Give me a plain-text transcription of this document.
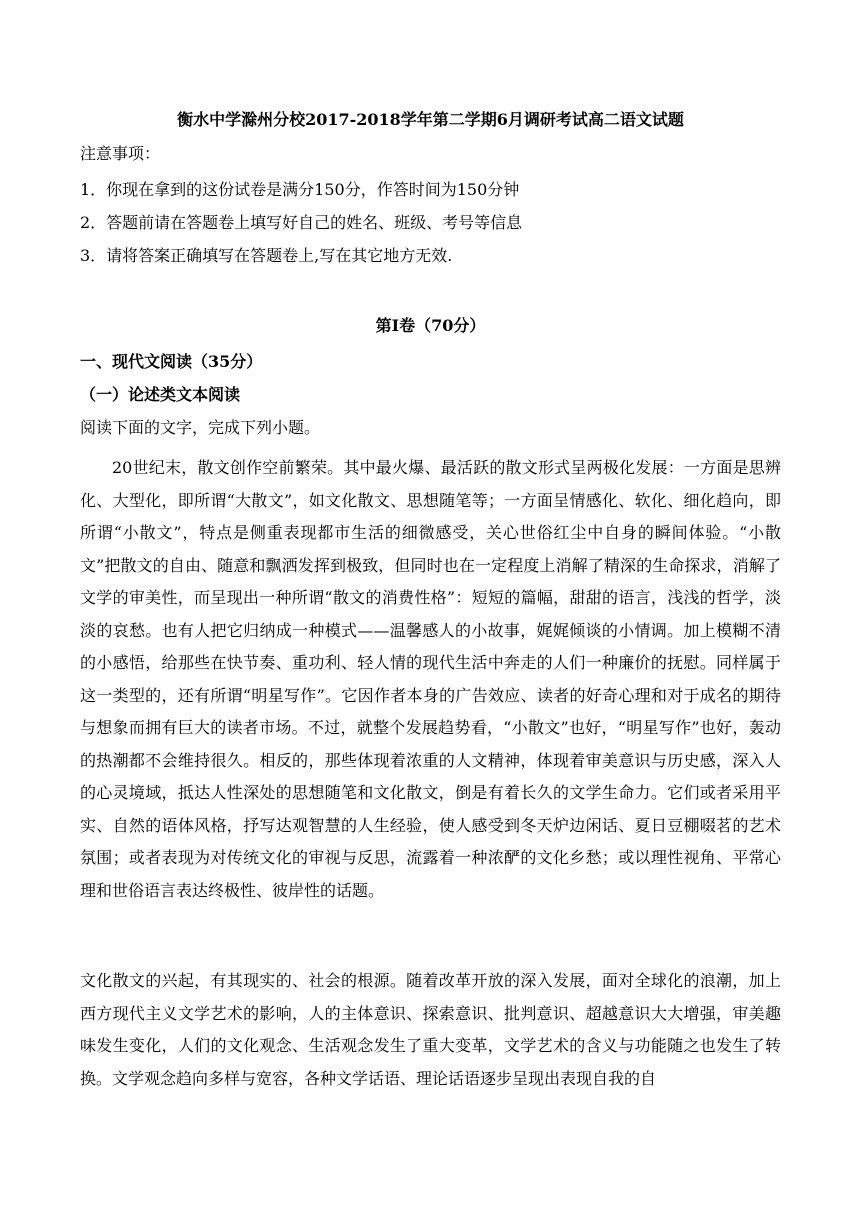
衡水中学滁州分校2017-2018学年第二学期6月调研考试高二语文试题
注意事项：
1．你现在拿到的这份试卷是满分150分，作答时间为150分钟
2．答题前请在答题卷上填写好自己的姓名、班级、考号等信息
3．请将答案正确填写在答题卷上,写在其它地方无效.
第Ⅰ卷（70分）
一、现代文阅读（35分）
（一）论述类文本阅读
阅读下面的文字，完成下列小题。

20世纪末，散文创作空前繁荣。其中最火爆、最活跃的散文形式呈两极化发展：一方面是思辨化、大型化，即所谓“大散文”，如文化散文、思想随笔等；一方面呈情感化、软化、细化趋向，即所谓“小散文”，特点是侧重表现都市生活的细微感受，关心世俗红尘中自身的瞬间体验。“小散文”把散文的自由、随意和飘洒发挥到极致，但同时也在一定程度上消解了精深的生命探求，消解了文学的审美性，而呈现出一种所谓“散文的消费性格”：短短的篇幅，甜甜的语言，浅浅的哲学，淡淡的哀愁。也有人把它归纳成一种模式——温馨感人的小故事，娓娓倾谈的小情调。加上模糊不清的小感悟，给那些在快节奏、重功利、轻人情的现代生活中奔走的人们一种廉价的抚慰。同样属于这一类型的，还有所谓“明星写作”。它因作者本身的广告效应、读者的好奇心理和对于成名的期待与想象而拥有巨大的读者市场。不过，就整个发展趋势看，“小散文”也好，“明星写作”也好，轰动的热潮都不会维持很久。相反的，那些体现着浓重的人文精神，体现着审美意识与历史感，深入人的心灵境域，抵达人性深处的思想随笔和文化散文，倒是有着长久的文学生命力。它们或者采用平实、自然的语体风格，抒写达观智慧的人生经验，使人感受到冬天炉边闲话、夏日豆棚啜茗的艺术氛围；或者表现为对传统文化的审视与反思，流露着一种浓酽的文化乡愁；或以理性视角、平常心理和世俗语言表达终极性、彼岸性的话题。

文化散文的兴起，有其现实的、社会的根源。随着改革开放的深入发展，面对全球化的浪潮，加上西方现代主义文学艺术的影响，人的主体意识、探索意识、批判意识、超越意识大大增强，审美趣味发生变化，人们的文化观念、生活观念发生了重大变革，文学艺术的含义与功能随之也发生了转换。文学观念趋向多样与宽容，各种文学话语、理论话语逐步呈现出表现自我的自
